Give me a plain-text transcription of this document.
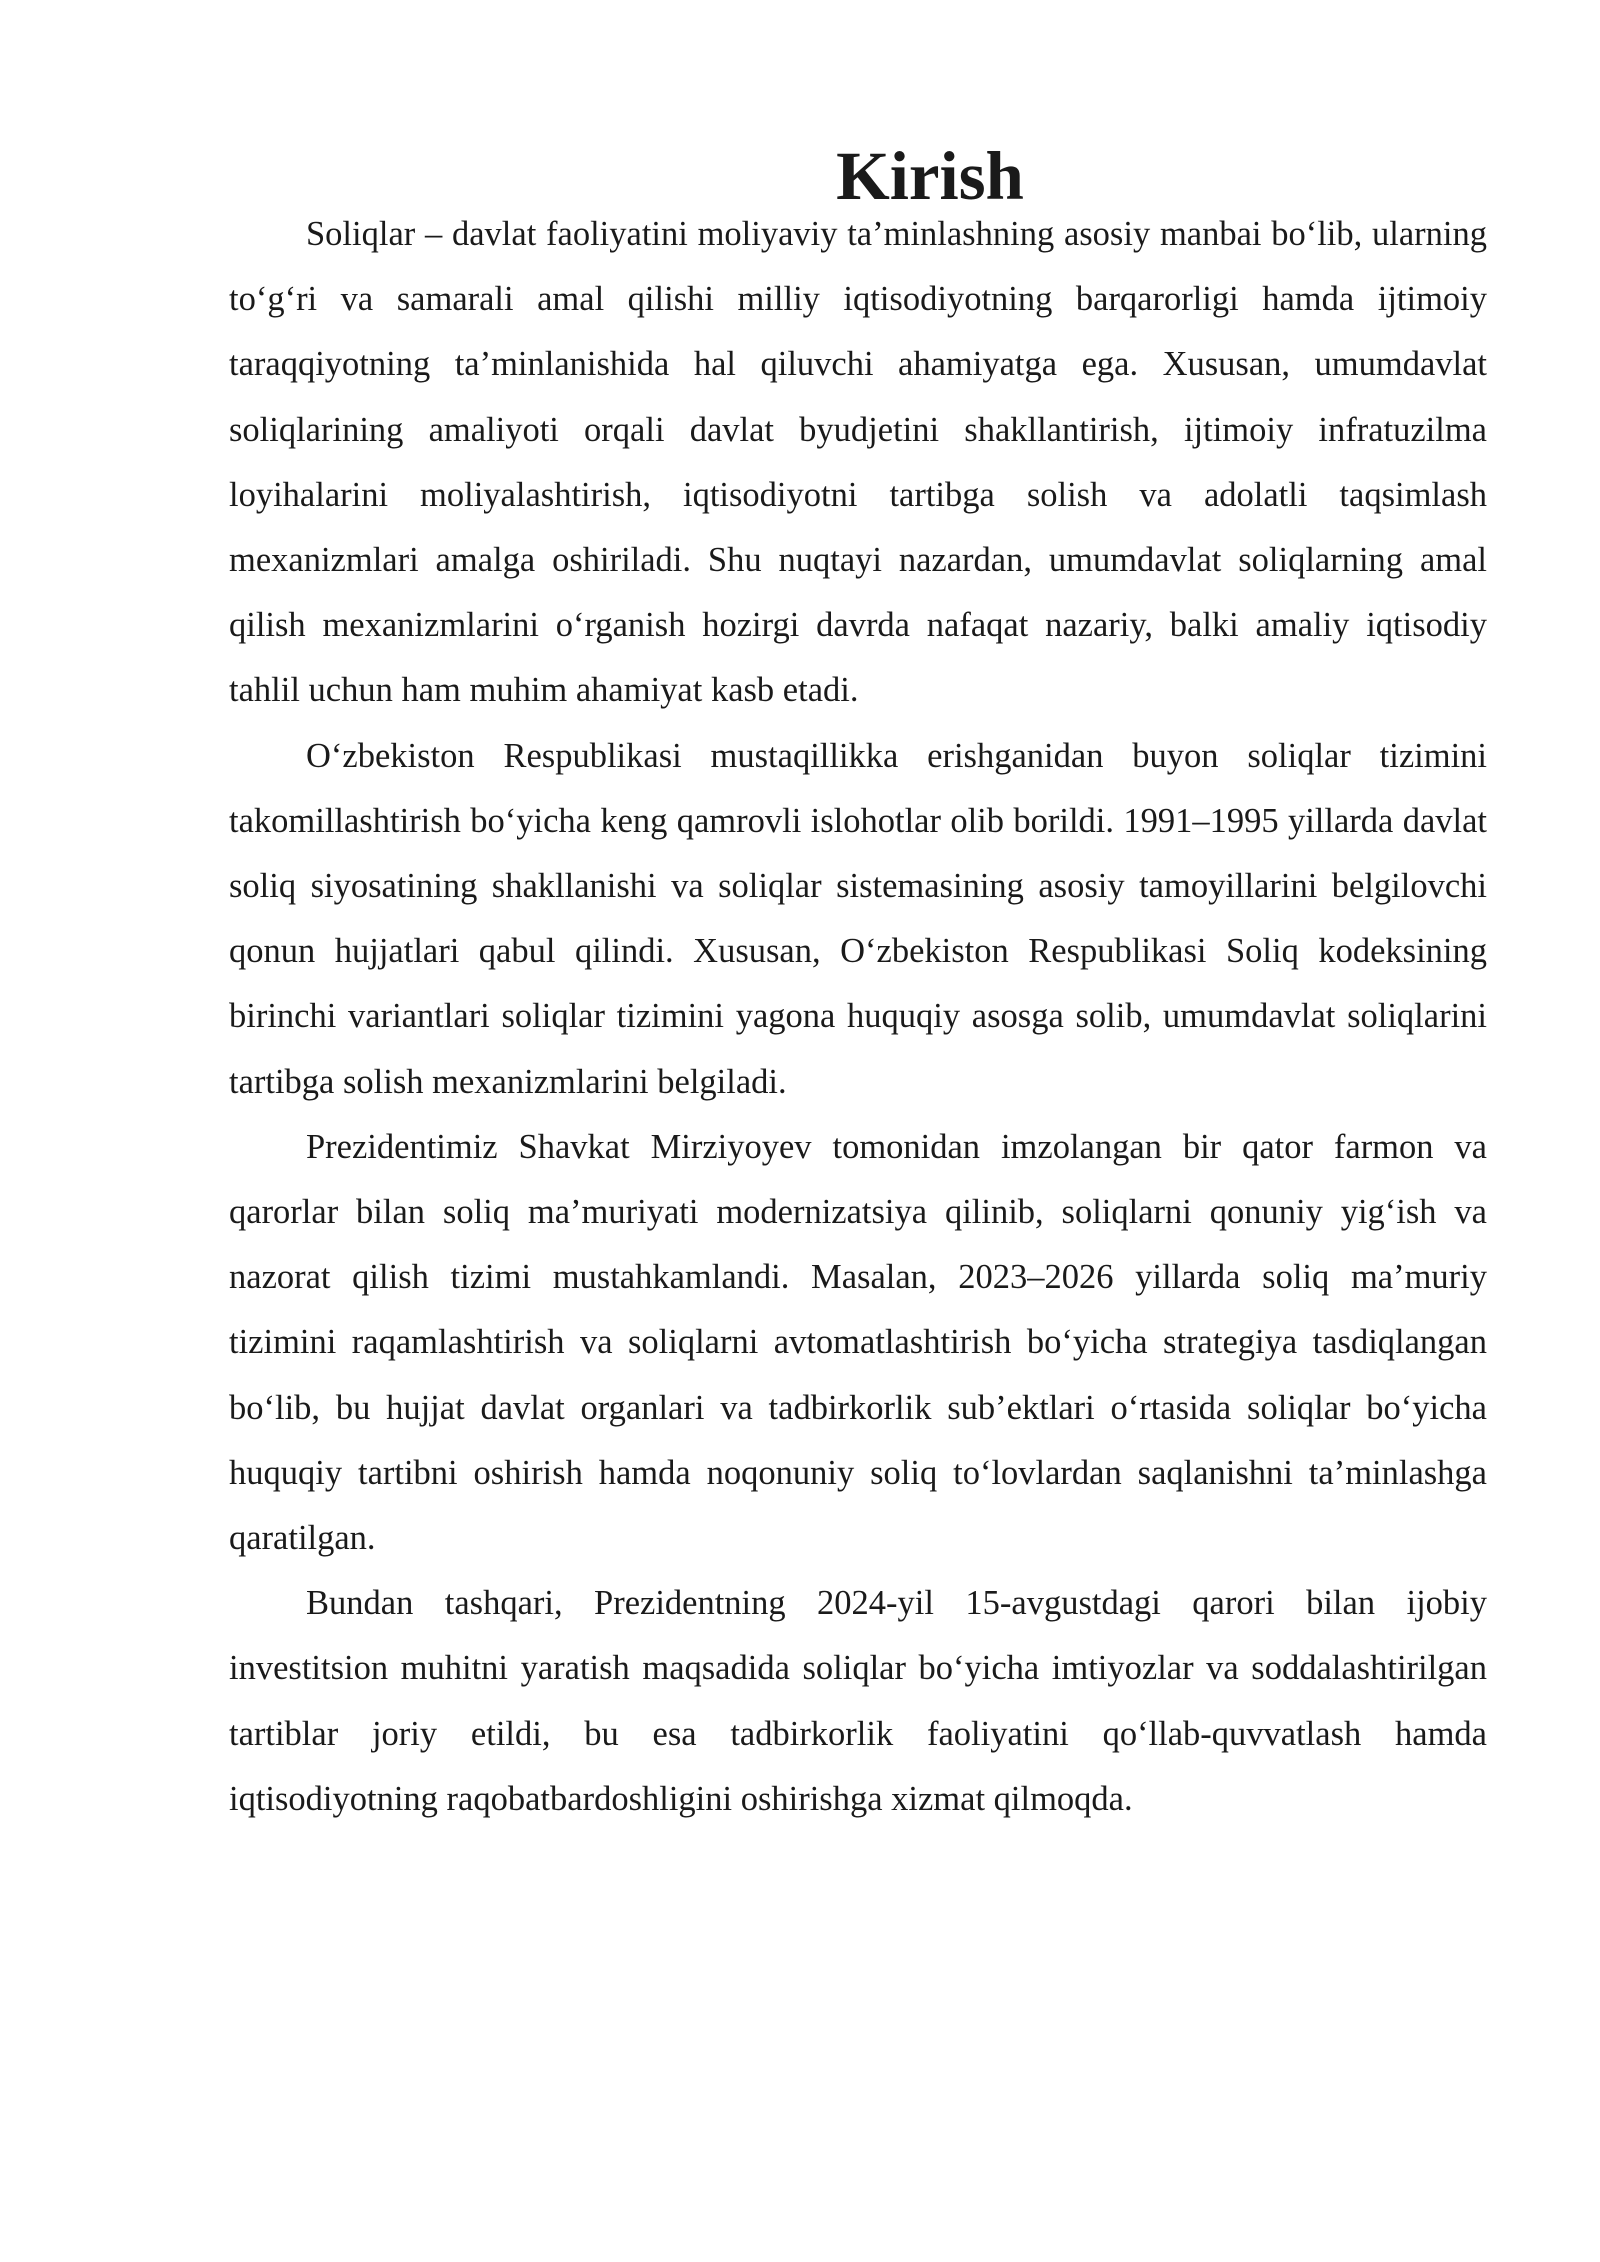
Kirish

Soliqlar – davlat faoliyatini moliyaviy ta’minlashning asosiy manbai bo‘lib, ularning to‘g‘ri va samarali amal qilishi milliy iqtisodiyotning barqarorligi hamda ijtimoiy taraqqiyotning ta’minlanishida hal qiluvchi ahamiyatga ega. Xususan, umumdavlat soliqlarining amaliyoti orqali davlat byudjetini shakllantirish, ijtimoiy infratuzilma loyihalarini moliyalashtirish, iqtisodiyotni tartibga solish va adolatli taqsimlash mexanizmlari amalga oshiriladi. Shu nuqtayi nazardan, umumdavlat soliqlarning amal qilish mexanizmlarini o‘rganish hozirgi davrda nafaqat nazariy, balki amaliy iqtisodiy tahlil uchun ham muhim ahamiyat kasb etadi.

O‘zbekiston Respublikasi mustaqillikka erishganidan buyon soliqlar tizimini takomillashtirish bo‘yicha keng qamrovli islohotlar olib borildi. 1991–1995 yillarda davlat soliq siyosatining shakllanishi va soliqlar sistemasining asosiy tamoyillarini belgilovchi qonun hujjatlari qabul qilindi. Xususan, O‘zbekiston Respublikasi Soliq kodeksining birinchi variantlari soliqlar tizimini yagona huquqiy asosga solib, umumdavlat soliqlarini tartibga solish mexanizmlarini belgiladi.

Prezidentimiz Shavkat Mirziyoyev tomonidan imzolangan bir qator farmon va qarorlar bilan soliq ma’muriyati modernizatsiya qilinib, soliqlarni qonuniy yig‘ish va nazorat qilish tizimi mustahkamlandi. Masalan, 2023–2026 yillarda soliq ma’muriy tizimini raqamlashtirish va soliqlarni avtomatlashtirish bo‘yicha strategiya tasdiqlangan bo‘lib, bu hujjat davlat organlari va tadbirkorlik sub’ektlari o‘rtasida soliqlar bo‘yicha huquqiy tartibni oshirish hamda noqonuniy soliq to‘lovlardan saqlanishni ta’minlashga qaratilgan.

Bundan tashqari, Prezidentning 2024-yil 15-avgustdagi qarori bilan ijobiy investitsion muhitni yaratish maqsadida soliqlar bo‘yicha imtiyozlar va soddalashtirilgan tartiblar joriy etildi, bu esa tadbirkorlik faoliyatini qo‘llab-quvvatlash hamda iqtisodiyotning raqobatbardoshligini oshirishga xizmat qilmoqda.
